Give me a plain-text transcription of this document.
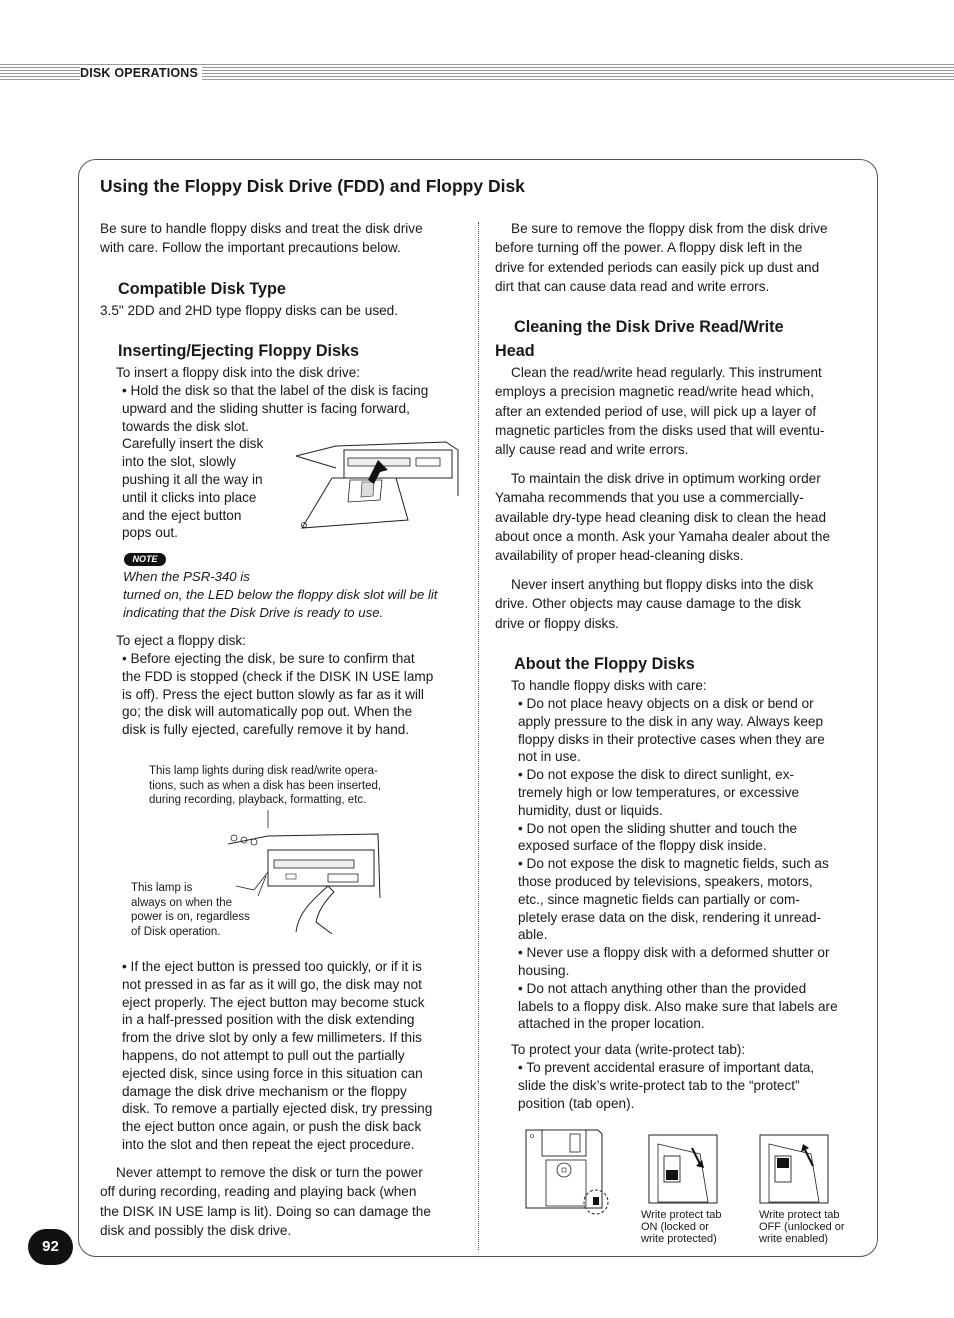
DISK OPERATIONS
Using the Floppy Disk Drive (FDD) and Floppy Disk

Be sure to handle floppy disks and treat the disk drive

with care. Follow the important precautions below.

Compatible Disk Type
3.5" 2DD and 2HD type floppy disks can be used.
Inserting/Ejecting Floppy Disks
To insert a floppy disk into the disk drive:

• Hold the disk so that the label of the disk is facing

upward and the sliding shutter is facing forward,

towards the disk slot.

Carefully insert the disk

into the slot, slowly

pushing it all the way in

until it clicks into place

and the eject button

pops out.

NOTE

When the PSR-340 is

turned on, the LED below the floppy disk slot will be lit

indicating that the Disk Drive is ready to use.

To eject a floppy disk:

• Before ejecting the disk, be sure to confirm that

the FDD is stopped (check if the DISK IN USE lamp

is off). Press the eject button slowly as far as it will

go; the disk will automatically pop out. When the

disk is fully ejected, carefully remove it by hand.

This lamp lights during disk read/write opera-
tions, such as when a disk has been inserted,
during recording, playback, formatting, etc.
This lamp is
always on when the
power is on, regardless
of Disk operation.

• If the eject button is pressed too quickly, or if it is

not pressed in as far as it will go, the disk may not

eject properly. The eject button may become stuck

in a half-pressed position with the disk extending

from the drive slot by only a few millimeters. If this

happens, do not attempt to pull out the partially

ejected disk, since using force in this situation can

damage the disk drive mechanism or the floppy

disk. To remove a partially ejected disk, try pressing

the eject button once again, or push the disk back

into the slot and then repeat the eject procedure.

Never attempt to remove the disk or turn the power

off during recording, reading and playing back (when

the DISK IN USE lamp is lit). Doing so can damage the

disk and possibly the disk drive.

Be sure to remove the floppy disk from the disk drive

before turning off the power. A floppy disk left in the

drive for extended periods can easily pick up dust and

dirt that can cause data read and write errors.

Cleaning the Disk Drive Read/Write
Head

Clean the read/write head regularly. This instrument

employs a precision magnetic read/write head which,

after an extended period of use, will pick up a layer of

magnetic particles from the disks used that will eventu-

ally cause read and write errors.

To maintain the disk drive in optimum working order

Yamaha recommends that you use a commercially-

available dry-type head cleaning disk to clean the head

about once a month. Ask your Yamaha dealer about the

availability of proper head-cleaning disks.

Never insert anything but floppy disks into the disk

drive. Other objects may cause damage to the disk

drive or floppy disks.

About the Floppy Disks
To handle floppy disks with care:

• Do not place heavy objects on a disk or bend or

apply pressure to the disk in any way. Always keep

floppy disks in their protective cases when they are

not in use.

• Do not expose the disk to direct sunlight, ex-

tremely high or low temperatures, or excessive

humidity, dust or liquids.

• Do not open the sliding shutter and touch the

exposed surface of the floppy disk inside.

• Do not expose the disk to magnetic fields, such as

those produced by televisions, speakers, motors,

etc., since magnetic fields can partially or com-

pletely erase data on the disk, rendering it unread-

able.

• Never use a floppy disk with a deformed shutter or

housing.

• Do not attach anything other than the provided

labels to a floppy disk. Also make sure that labels are

attached in the proper location.

To protect your data (write-protect tab):

• To prevent accidental erasure of important data,

slide the disk’s write-protect tab to the “protect”

position (tab open).

Write protect tab
ON (locked or
write protected)
Write protect tab
OFF (unlocked or
write enabled)
92
